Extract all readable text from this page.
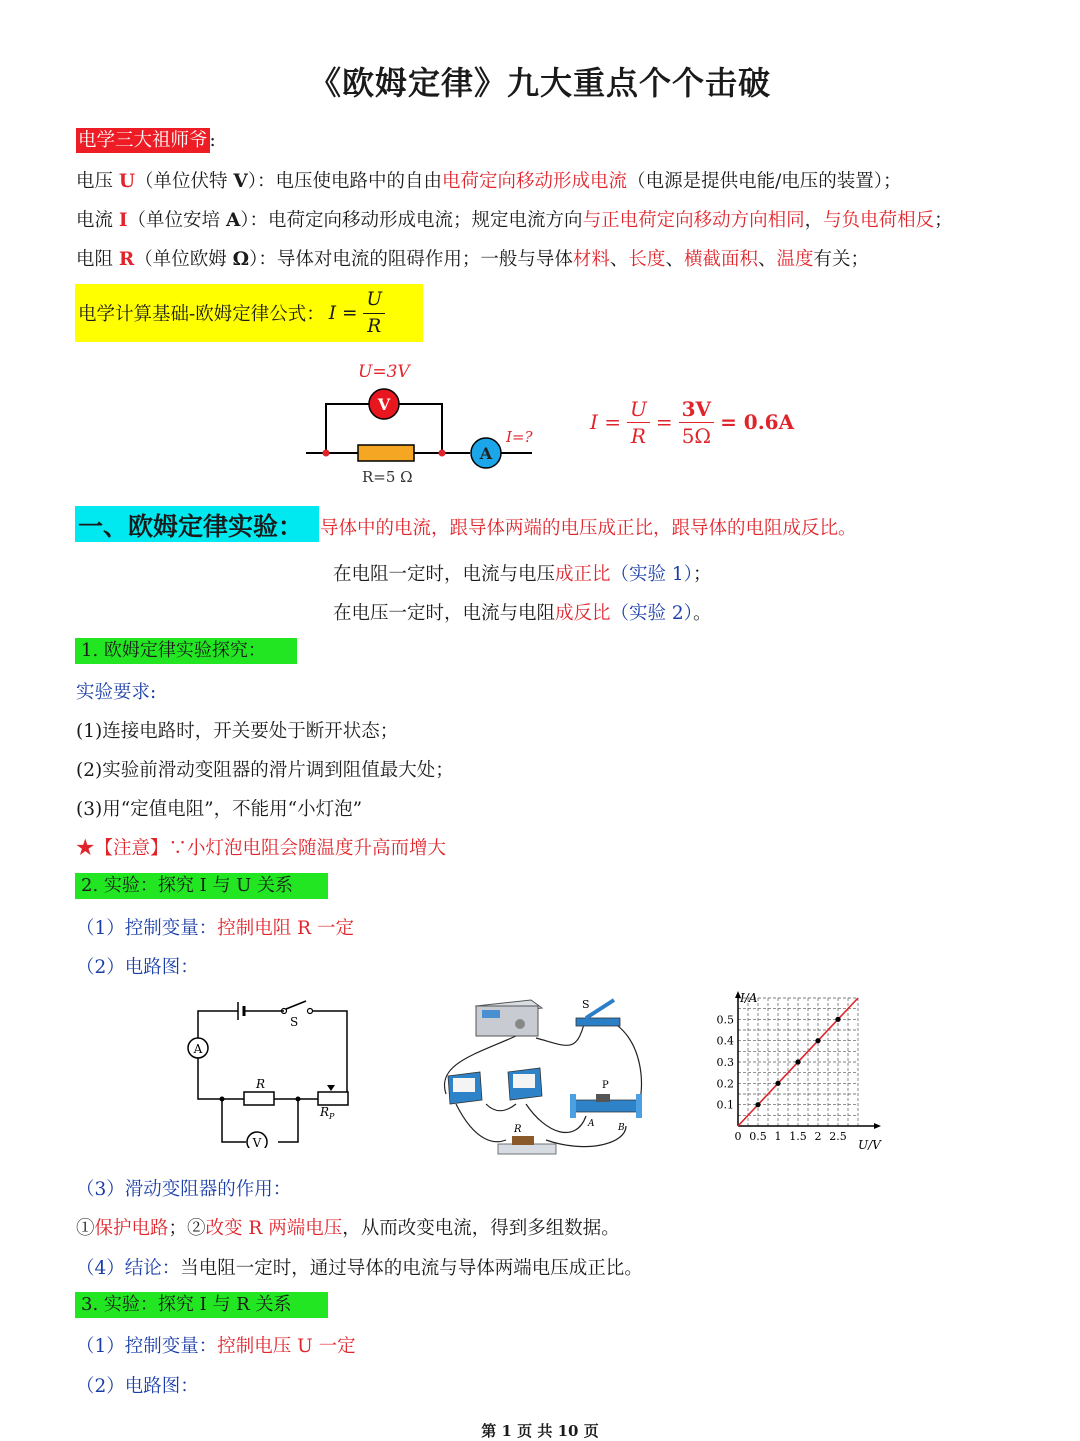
《欧姆定律》九大重点个个击破
电学三大祖师爷 :
电压 U（单位伏特 V）：电压使电路中的自由电荷定向移动形成电流（电源是提供电能/电压的装置）；
电流 I（单位安培 A）：电荷定向移动形成电流；规定电流方向与正电荷定向移动方向相同，与负电荷相反；
电阻 R（单位欧姆 Ω）：导体对电流的阻碍作用；一般与导体材料、长度、横截面积、温度有关；
电学计算基础-欧姆定律公式： $I = \frac{U}{R}$
U=3V
V
A
I=?
R=5 Ω
$I = \frac{U}{R} = \frac{3V}{5\Omega} = 0.6A$
一、欧姆定律实验： 导体中的电流，跟导体两端的电压成正比，跟导体的电阻成反比。
在电阻一定时，电流与电压成正比（实验 1）；
在电压一定时，电流与电阻成反比（实验 2）。
1. 欧姆定律实验探究：
实验要求:
(1)连接电路时，开关要处于断开状态；
(2)实验前滑动变阻器的滑片调到阻值最大处；
(3)用“定值电阻”，不能用“小灯泡”
★【注意】∵小灯泡电阻会随温度升高而增大
2. 实验：探究 I 与 U 关系
（1）控制变量：控制电阻 R 一定
（2）电路图：
S
A
R
R P
V
S
P
A	B
R
0 0.5 1 1.5 2 2.5
0.1
0.2
0.3
0.4
0.5
I/A
U/V
（3）滑动变阻器的作用：
①保护电路；②改变 R 两端电压，从而改变电流，得到多组数据。
（4）结论：当电阻一定时，通过导体的电流与导体两端电压成正比。
3. 实验：探究 I 与 R 关系
（1）控制变量：控制电压 U 一定
（2）电路图：
第 1 页 共 10 页
